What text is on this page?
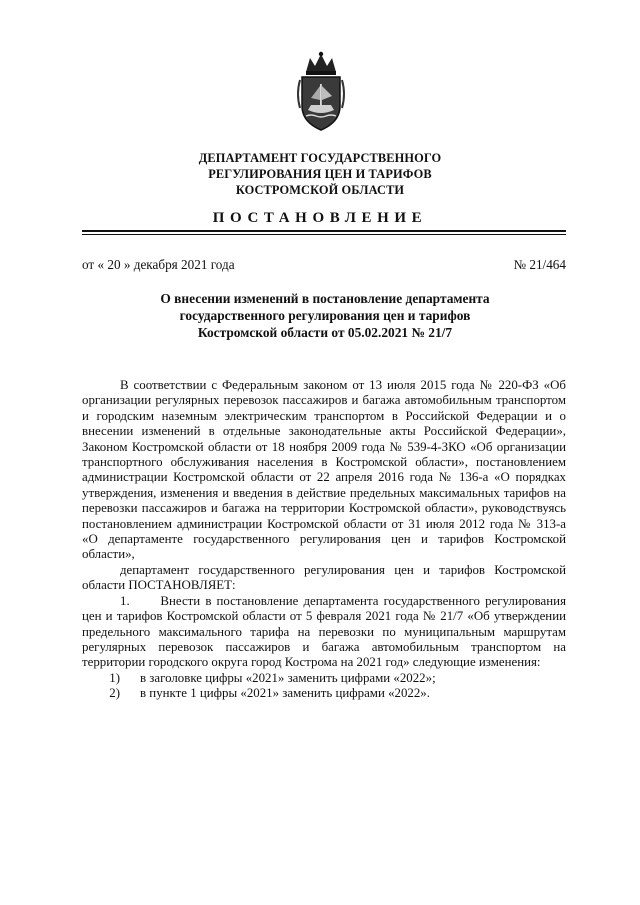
ДЕПАРТАМЕНТ ГОСУДАРСТВЕННОГО
РЕГУЛИРОВАНИЯ ЦЕН И ТАРИФОВ
КОСТРОМСКОЙ ОБЛАСТИ
ПОСТАНОВЛЕНИЕ
от « 20 » декабря 2021 года	№ 21/464
О внесении изменений в постановление департамента
государственного регулирования цен и тарифов
Костромской области от 05.02.2021 № 21/7

В соответствии с Федеральным законом от 13 июля 2015 года № 220-ФЗ «Об организации регулярных перевозок пассажиров и багажа автомобильным транспортом и городским наземным электрическим транспортом в Российской Федерации и о внесении изменений в отдельные законодательные акты Российской Федерации», Законом Костромской области от 18 ноября 2009 года № 539-4-ЗКО «Об организации транспортного обслуживания населения в Костромской области», постановлением администрации Костромской области от 22 апреля 2016 года № 136-а «О порядках утверждения, изменения и введения в действие предельных максимальных тарифов на перевозки пассажиров и багажа на территории Костромской области», руководствуясь постановлением администрации Костромской области от 31 июля 2012 года № 313-а «О департаменте государственного регулирования цен и тарифов Костромской области»,

департамент государственного регулирования цен и тарифов Костромской области ПОСТАНОВЛЯЕТ:

1.      Внести в постановление департамента государственного регулирования цен и тарифов Костромской области от 5 февраля 2021 года № 21/7 «Об утверждении предельного максимального тарифа на перевозки по муниципальным маршрутам регулярных перевозок пассажиров и багажа автомобильным транспортом на территории городского округа город Кострома на 2021 год» следующие изменения:

1) в заголовке цифры «2021» заменить цифрами «2022»;
2) в пункте 1 цифры «2021» заменить цифрами «2022».
